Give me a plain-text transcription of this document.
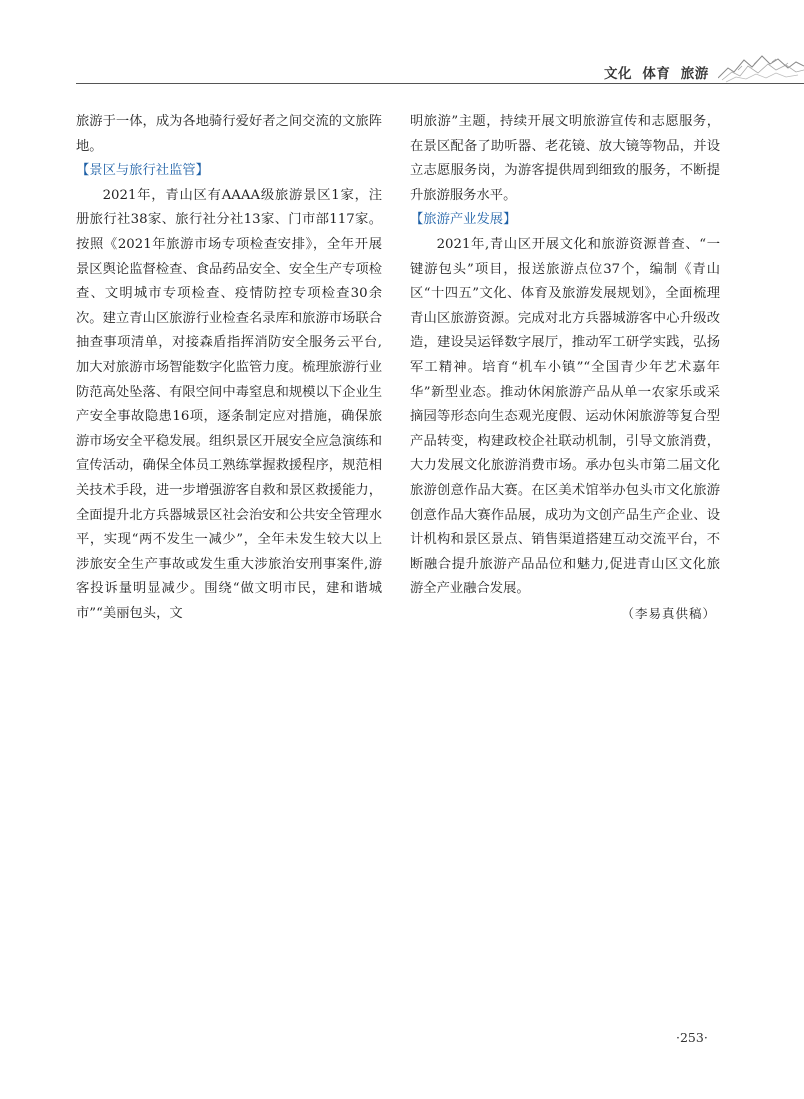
文化  体育  旅游

旅游于一体，成为各地骑行爱好者之间交流的文旅阵地。

【景区与旅行社监管】

2021年，青山区有AAAA级旅游景区1家，注册旅行社38家、旅行社分社13家、门市部117家。按照《2021年旅游市场专项检查安排》，全年开展景区舆论监督检查、食品药品安全、安全生产专项检查、文明城市专项检查、疫情防控专项检查30余次。建立青山区旅游行业检查名录库和旅游市场联合抽查事项清单，对接森盾指挥消防安全服务云平台,加大对旅游市场智能数字化监管力度。梳理旅游行业防范高处坠落、有限空间中毒窒息和规模以下企业生产安全事故隐患16项，逐条制定应对措施，确保旅游市场安全平稳发展。组织景区开展安全应急演练和宣传活动，确保全体员工熟练掌握救援程序，规范相关技术手段，进一步增强游客自救和景区救援能力，全面提升北方兵器城景区社会治安和公共安全管理水平，实现“两不发生一减少”，全年未发生较大以上涉旅安全生产事故或发生重大涉旅治安刑事案件,游客投诉量明显减少。围绕“做文明市民，建和谐城市”“美丽包头，文

明旅游”主题，持续开展文明旅游宣传和志愿服务，在景区配备了助听器、老花镜、放大镜等物品，并设立志愿服务岗，为游客提供周到细致的服务，不断提升旅游服务水平。

【旅游产业发展】

2021年,青山区开展文化和旅游资源普查、“一键游包头”项目，报送旅游点位37个，编制《青山区“十四五”文化、体育及旅游发展规划》，全面梳理青山区旅游资源。完成对北方兵器城游客中心升级改造，建设吴运铎数字展厅，推动军工研学实践，弘扬军工精神。培育“机车小镇”“全国青少年艺术嘉年华”新型业态。推动休闲旅游产品从单一农家乐或采摘园等形态向生态观光度假、运动休闲旅游等复合型产品转变，构建政校企社联动机制，引导文旅消费，大力发展文化旅游消费市场。承办包头市第二届文化旅游创意作品大赛。在区美术馆举办包头市文化旅游创意作品大赛作品展，成功为文创产品生产企业、设计机构和景区景点、销售渠道搭建互动交流平台，不断融合提升旅游产品品位和魅力,促进青山区文化旅游全产业融合发展。

（李易真供稿）

·253·
